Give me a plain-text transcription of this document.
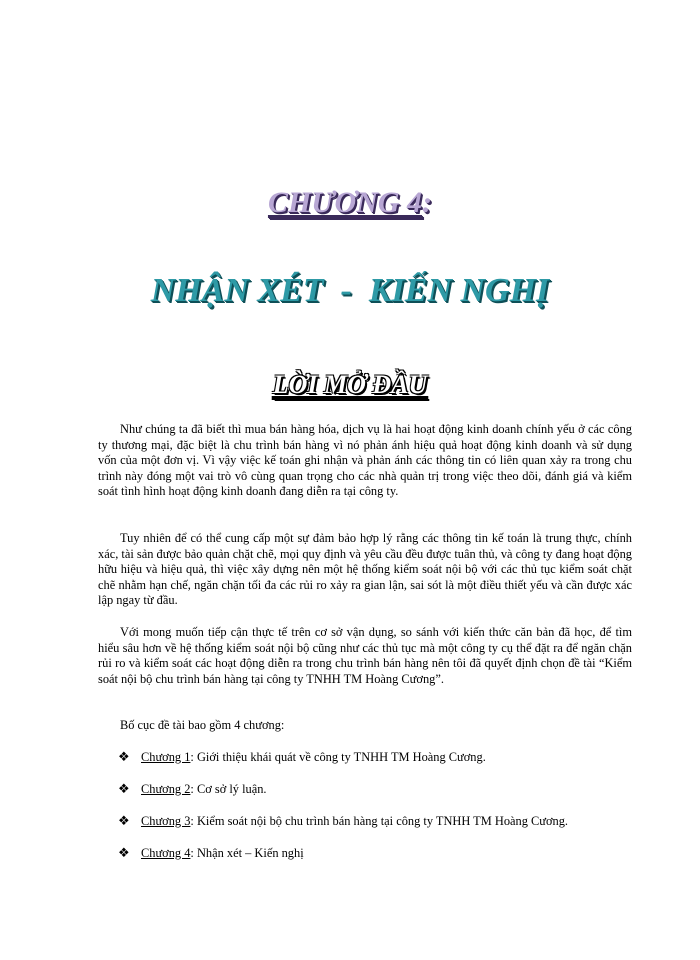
CHƯƠNG 4:
NHẬN XÉT  -  KIẾN NGHỊ
LỜI MỞ ĐẦU

Như chúng ta đã biết thì mua bán hàng hóa, dịch vụ là hai hoạt động kinh doanh chính yếu ở các công ty thương mại, đặc biệt là chu trình bán hàng vì nó phản ánh hiệu quả hoạt động kinh doanh và sử dụng vốn của một đơn vị. Vì vậy việc kế toán ghi nhận và phản ánh các thông tin có liên quan xảy ra trong chu trình này đóng một vai trò vô cùng quan trọng cho các nhà quản trị trong việc theo dõi, đánh giá và kiểm soát tình hình hoạt động kinh doanh đang diễn ra tại công ty.

Tuy nhiên để có thể cung cấp một sự đảm bảo hợp lý rằng các thông tin kế toán là trung thực, chính xác, tài sản được bảo quản chặt chẽ, mọi quy định và yêu cầu đều được tuân thủ, và công ty đang hoạt động hữu hiệu và hiệu quả, thì việc xây dựng nên một hệ thống kiểm soát nội bộ với các thủ tục kiểm soát chặt chẽ nhằm hạn chế, ngăn chặn tối đa các rủi ro xảy ra gian lận, sai sót là một điều thiết yếu và cần được xác lập ngay từ đầu.

Với mong muốn tiếp cận thực tế trên cơ sở vận dụng, so sánh với kiến thức căn bản đã học, để tìm hiểu sâu hơn về hệ thống kiểm soát nội bộ cũng như các thủ tục mà một công ty cụ thể đặt ra để ngăn chặn rủi ro và kiểm soát các hoạt động diễn ra trong chu trình bán hàng nên tôi đã quyết định chọn đề tài “Kiểm soát nội bộ chu trình bán hàng tại công ty TNHH TM Hoàng Cương”.

Bố cục đề tài bao gồm 4 chương:
❖ Chương 1 : Giới thiệu khái quát về công ty TNHH TM Hoàng Cương.
❖ Chương 2 : Cơ sở lý luận.
❖ Chương 3 : Kiểm soát nội bộ chu trình bán hàng tại công ty TNHH TM Hoàng Cương.
❖ Chương 4 : Nhận xét – Kiến nghị
